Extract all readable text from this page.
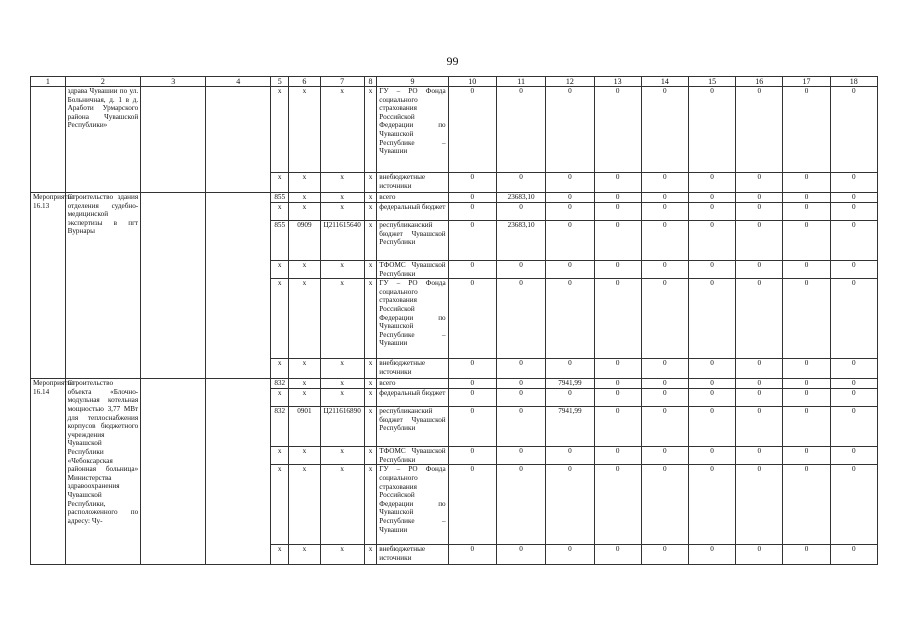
99
1	2	3	4	5	6	7	8	9	10	11	12	13	14	15	16	17	18
	здрава Чувашии по ул. Больничная, д. 1 в д. Аработи Урмарского района Чувашской Республики»			x	x	x	x	ГУ – РО Фонда социального страхования Российской Федерации по Чувашской Республике – Чувашии	0	0	0	0	0	0	0	0	0
				x	x	x	x	внебюджетные источники	0	0	0	0	0	0	0	0	0
Мероприятие 16.13	Строительство здания отделения судебно-медицинской экспертизы в пгт Вурнары			855	x	x	x	всего	0	23683,10	0	0	0	0	0	0	0
				x	x	x	x	федеральный бюджет	0	0	0	0	0	0	0	0	0
				855	0909	Ц211615640	x	республиканский бюджет Чувашской Республики	0	23683,10	0	0	0	0	0	0	0
				x	x	x	x	ТФОМС Чувашской Республики	0	0	0	0	0	0	0	0	0
				x	x	x	x	ГУ – РО Фонда социального страхования Российской Федерации по Чувашской Республике – Чувашии	0	0	0	0	0	0	0	0	0
				x	x	x	x	внебюджетные источники	0	0	0	0	0	0	0	0	0
Мероприятие 16.14	Строительство объекта «Блочно-модульная котельная мощностью 3,77 МВт для теплоснабжения корпусов бюджетного учреждения Чувашской Республики «Чебоксарская районная больница» Министерства здравоохранения Чувашской Республики, расположенного по адресу: Чу-			832	x	x	x	всего	0	0	7941,99	0	0	0	0	0	0
				x	x	x	x	федеральный бюджет	0	0	0	0	0	0	0	0	0
				832	0901	Ц211616890	x	республиканский бюджет Чувашской Республики	0	0	7941,99	0	0	0	0	0	0
				x	x	x	x	ТФОМС Чувашской Республики	0	0	0	0	0	0	0	0	0
				x	x	x	x	ГУ – РО Фонда социального страхования Российской Федерации по Чувашской Республике – Чувашии	0	0	0	0	0	0	0	0	0
				x	x	x	x	внебюджетные источники	0	0	0	0	0	0	0	0	0
